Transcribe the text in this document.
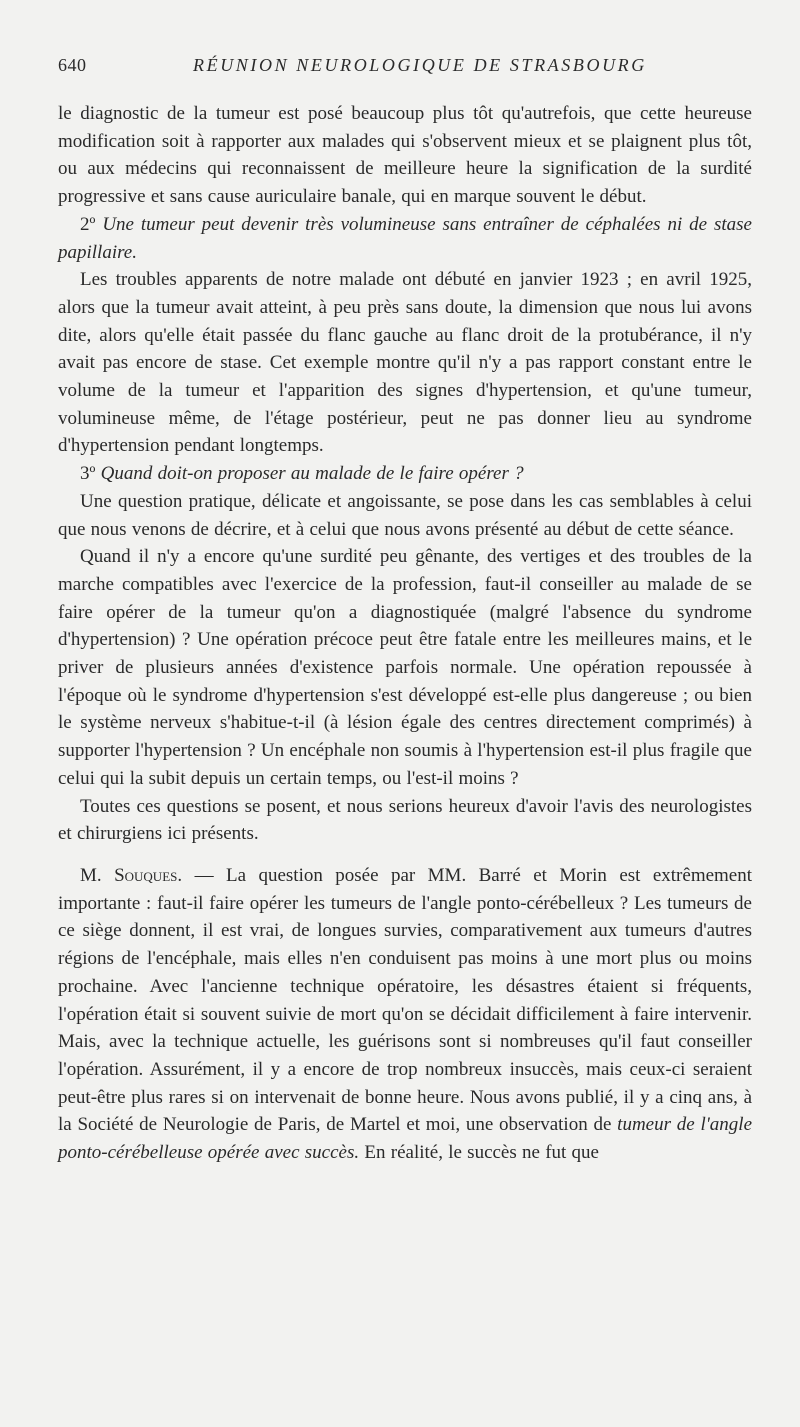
640	RÉUNION NEUROLOGIQUE DE STRASBOURG

le diagnostic de la tumeur est posé beaucoup plus tôt qu'autrefois, que cette heureuse modification soit à rapporter aux malades qui s'observent mieux et se plaignent plus tôt, ou aux médecins qui reconnaissent de meilleure heure la signification de la surdité progressive et sans cause auriculaire banale, qui en marque souvent le début.

2º Une tumeur peut devenir très volumineuse sans entraîner de céphalées ni de stase papillaire.

Les troubles apparents de notre malade ont débuté en janvier 1923 ; en avril 1925, alors que la tumeur avait atteint, à peu près sans doute, la dimension que nous lui avons dite, alors qu'elle était passée du flanc gauche au flanc droit de la protubérance, il n'y avait pas encore de stase. Cet exemple montre qu'il n'y a pas rapport constant entre le volume de la tumeur et l'apparition des signes d'hypertension, et qu'une tumeur, volumineuse même, de l'étage postérieur, peut ne pas donner lieu au syndrome d'hypertension pendant longtemps.

3º Quand doit-on proposer au malade de le faire opérer ?

Une question pratique, délicate et angoissante, se pose dans les cas semblables à celui que nous venons de décrire, et à celui que nous avons présenté au début de cette séance.

Quand il n'y a encore qu'une surdité peu gênante, des vertiges et des troubles de la marche compatibles avec l'exercice de la profession, faut-il conseiller au malade de se faire opérer de la tumeur qu'on a diagnostiquée (malgré l'absence du syndrome d'hypertension) ? Une opération précoce peut être fatale entre les meilleures mains, et le priver de plusieurs années d'existence parfois normale. Une opération repoussée à l'époque où le syndrome d'hypertension s'est développé est-elle plus dangereuse ; ou bien le système nerveux s'habitue-t-il (à lésion égale des centres directement comprimés) à supporter l'hypertension ? Un encéphale non soumis à l'hypertension est-il plus fragile que celui qui la subit depuis un certain temps, ou l'est-il moins ?

Toutes ces questions se posent, et nous serions heureux d'avoir l'avis des neurologistes et chirurgiens ici présents.

M. Souques. — La question posée par MM. Barré et Morin est extrêmement importante : faut-il faire opérer les tumeurs de l'angle ponto-cérébelleux ? Les tumeurs de ce siège donnent, il est vrai, de longues survies, comparativement aux tumeurs d'autres régions de l'encéphale, mais elles n'en conduisent pas moins à une mort plus ou moins prochaine. Avec l'ancienne technique opératoire, les désastres étaient si fréquents, l'opération était si souvent suivie de mort qu'on se décidait difficilement à faire intervenir. Mais, avec la technique actuelle, les guérisons sont si nombreuses qu'il faut conseiller l'opération. Assurément, il y a encore de trop nombreux insuccès, mais ceux-ci seraient peut-être plus rares si on intervenait de bonne heure. Nous avons publié, il y a cinq ans, à la Société de Neurologie de Paris, de Martel et moi, une observation de tumeur de l'angle ponto-cérébelleuse opérée avec succès. En réalité, le succès ne fut que
